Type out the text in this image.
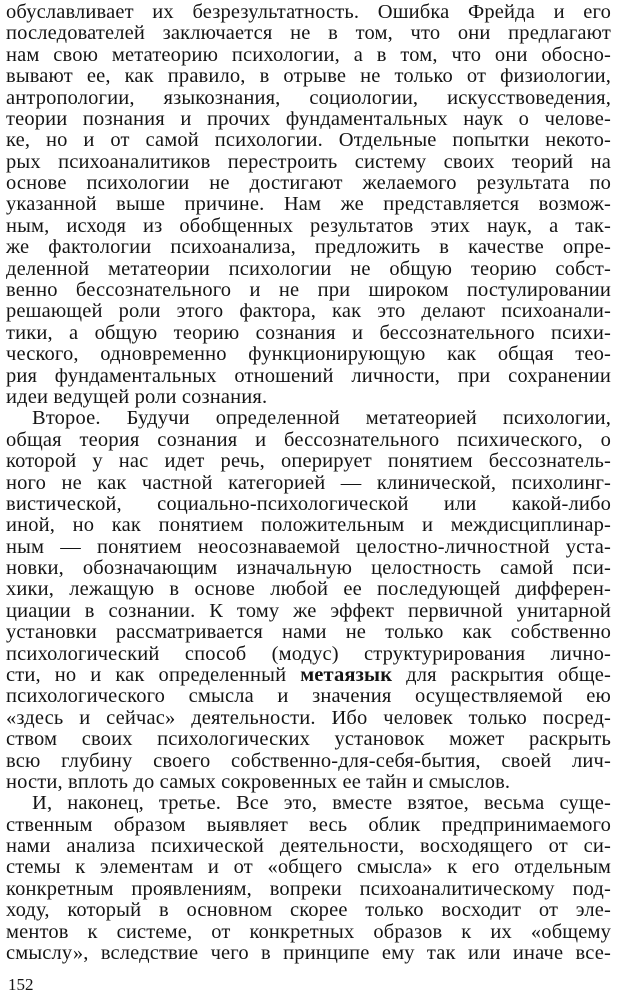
обуславливает их безрезультатность. Ошибка Фрейда и его
последователей заключается не в том, что они предлагают
нам свою метатеорию психологии, а в том, что они обосно-
вывают ее, как правило, в отрыве не только от физиологии,
антропологии, языкознания, социологии, искусствоведения,
теории познания и прочих фундаментальных наук о челове-
ке, но и от самой психологии. Отдельные попытки некото-
рых психоаналитиков перестроить систему своих теорий на
основе психологии не достигают желаемого результата по
указанной выше причине. Нам же представляется возмож-
ным, исходя из обобщенных результатов этих наук, а так-
же фактологии психоанализа, предложить в качестве опре-
деленной метатеории психологии не общую теорию собст-
венно бессознательного и не при широком постулировании
решающей роли этого фактора, как это делают психоанали-
тики, а общую теорию сознания и бессознательного психи-
ческого, одновременно функционирующую как общая тео-
рия фундаментальных отношений личности, при сохранении
идеи ведущей роли сознания.
Второе. Будучи определенной метатеорией психологии,
общая теория сознания и бессознательного психического, о
которой у нас идет речь, оперирует понятием бессознатель-
ного не как частной категорией — клинической, психолинг-
вистической, социально-психологической или какой-либо
иной, но как понятием положительным и междисциплинар-
ным — понятием неосознаваемой целостно-личностной уста-
новки, обозначающим изначальную целостность самой пси-
хики, лежащую в основе любой ее последующей дифферен-
циации в сознании. К тому же эффект первичной унитарной
установки рассматривается нами не только как собственно
психологический способ (модус) структурирования лично-
сти, но и как определенный метаязык для раскрытия обще-
психологического смысла и значения осуществляемой ею
«здесь и сейчас» деятельности. Ибо человек только посред-
ством своих психологических установок может раскрыть
всю глубину своего собственно-для-себя-бытия, своей лич-
ности, вплоть до самых сокровенных ее тайн и смыслов.
И, наконец, третье. Все это, вместе взятое, весьма суще-
ственным образом выявляет весь облик предпринимаемого
нами анализа психической деятельности, восходящего от си-
стемы к элементам и от «общего смысла» к его отдельным
конкретным проявлениям, вопреки психоаналитическому под-
ходу, который в основном скорее только восходит от эле-
ментов к системе, от конкретных образов к их «общему
смыслу», вследствие чего в принципе ему так или иначе все-
152
